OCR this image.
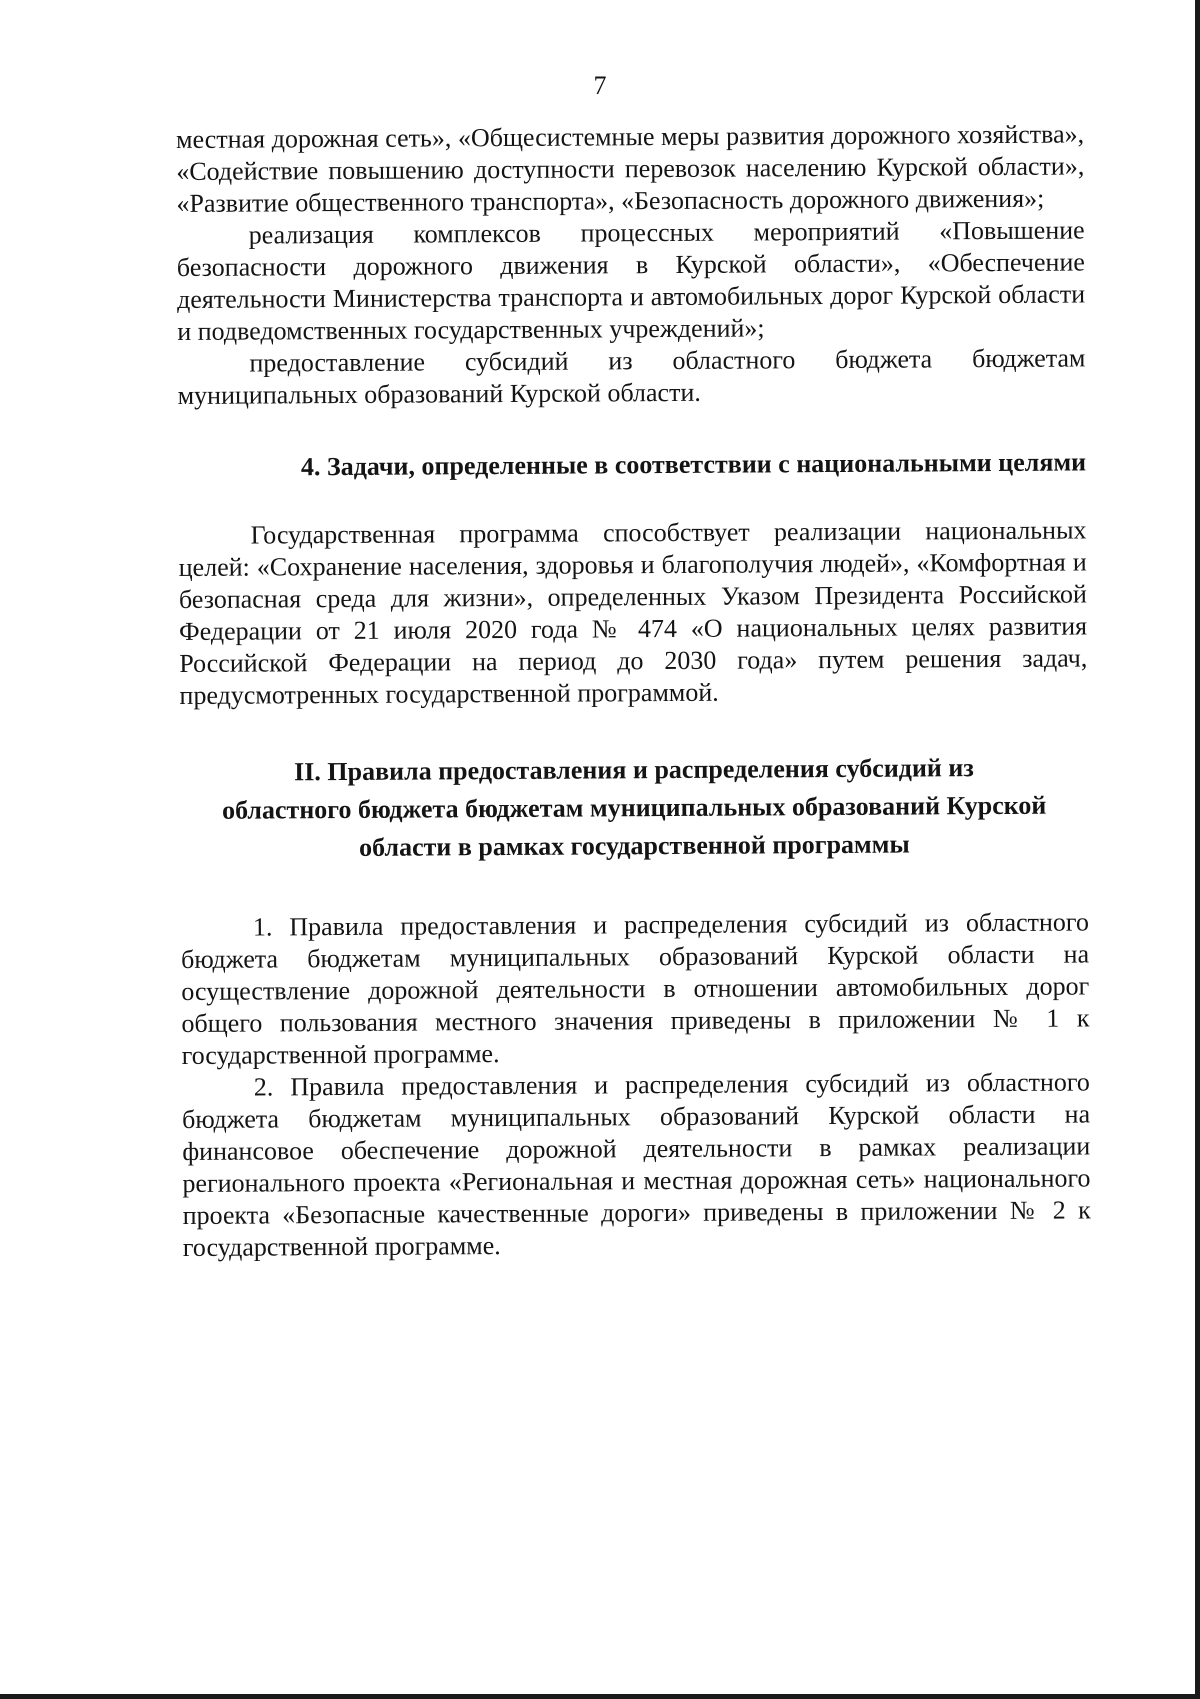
7

местная дорожная сеть», «Общесистемные меры развития дорожного хозяйства», «Содействие повышению доступности перевозок населению Курской области», «Развитие общественного транспорта», «Безопасность дорожного движения»;

реализация комплексов процессных мероприятий «Повышение безопасности дорожного движения в Курской области», «Обеспечение деятельности Министерства транспорта и автомобильных дорог Курской области и подведомственных государственных учреждений»;

предоставление субсидий из областного бюджета бюджетам муниципальных образований Курской области.

4. Задачи, определенные в соответствии с национальными целями

Государственная программа способствует реализации национальных целей: «Сохранение населения, здоровья и благополучия людей», «Комфортная и безопасная среда для жизни», определенных Указом Президента Российской Федерации от 21 июля 2020 года № 474 «О национальных целях развития Российской Федерации на период до 2030 года» путем решения задач, предусмотренных государственной программой.

II. Правила предоставления и распределения субсидий из
областного бюджета бюджетам муниципальных образований Курской
области в рамках государственной программы

1. Правила предоставления и распределения субсидий из областного бюджета бюджетам муниципальных образований Курской области на осуществление дорожной деятельности в отношении автомобильных дорог общего пользования местного значения приведены в приложении № 1 к государственной программе.

2. Правила предоставления и распределения субсидий из областного бюджета бюджетам муниципальных образований Курской области на финансовое обеспечение дорожной деятельности в рамках реализации регионального проекта «Региональная и местная дорожная сеть» национального проекта «Безопасные качественные дороги» приведены в приложении № 2 к государственной программе.
